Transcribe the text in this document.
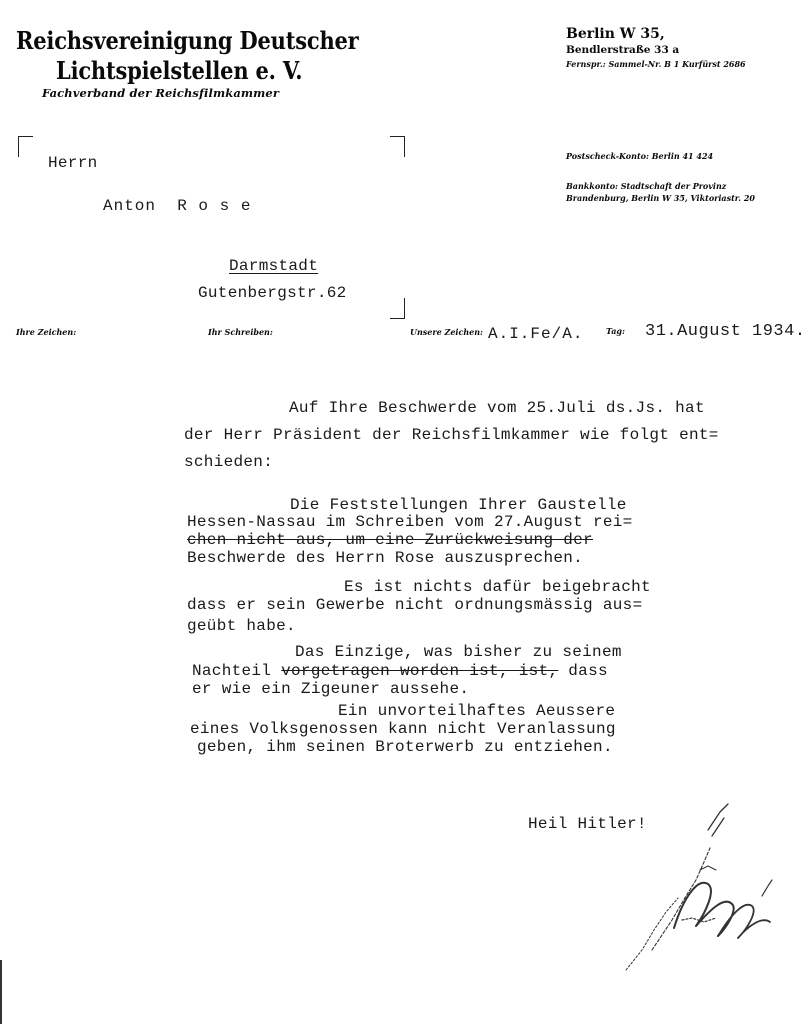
Reichsvereinigung Deutscher
Lichtspielstellen e. V.
Fachverband der Reichsfilmkammer
Berlin W 35,
Bendlerstraße 33 a
Fernspr.: Sammel-Nr. B 1 Kurfürst 2686
Postscheck-Konto: Berlin 41 424
Bankkonto: Stadtschaft der Provinz
Brandenburg, Berlin W 35, Viktoriastr. 20
Herrn
Anton  R o s e
Darmstadt
Gutenbergstr.62
Ihre Zeichen:	Ihr Schreiben:	Unsere Zeichen: A.I.Fe/A.	Tag: 31.August 1934.
Auf Ihre Beschwerde vom 25.Juli ds.Js. hat
der Herr Präsident der Reichsfilmkammer wie folgt ent=
schieden:
Die Feststellungen Ihrer Gaustelle
Hessen-Nassau im Schreiben vom 27.August rei=
chen nicht aus, um eine Zurückweisung der
Beschwerde des Herrn Rose auszusprechen.
Es ist nichts dafür beigebracht
dass er sein Gewerbe nicht ordnungsmässig aus=
geübt habe.
Das Einzige, was bisher zu seinem
Nachteil vorgetragen worden ist, ist, dass
er wie ein Zigeuner aussehe.
Ein unvorteilhaftes Aeussere
eines Volksgenossen kann nicht Veranlassung
geben, ihm seinen Broterwerb zu entziehen.
Heil Hitler!
